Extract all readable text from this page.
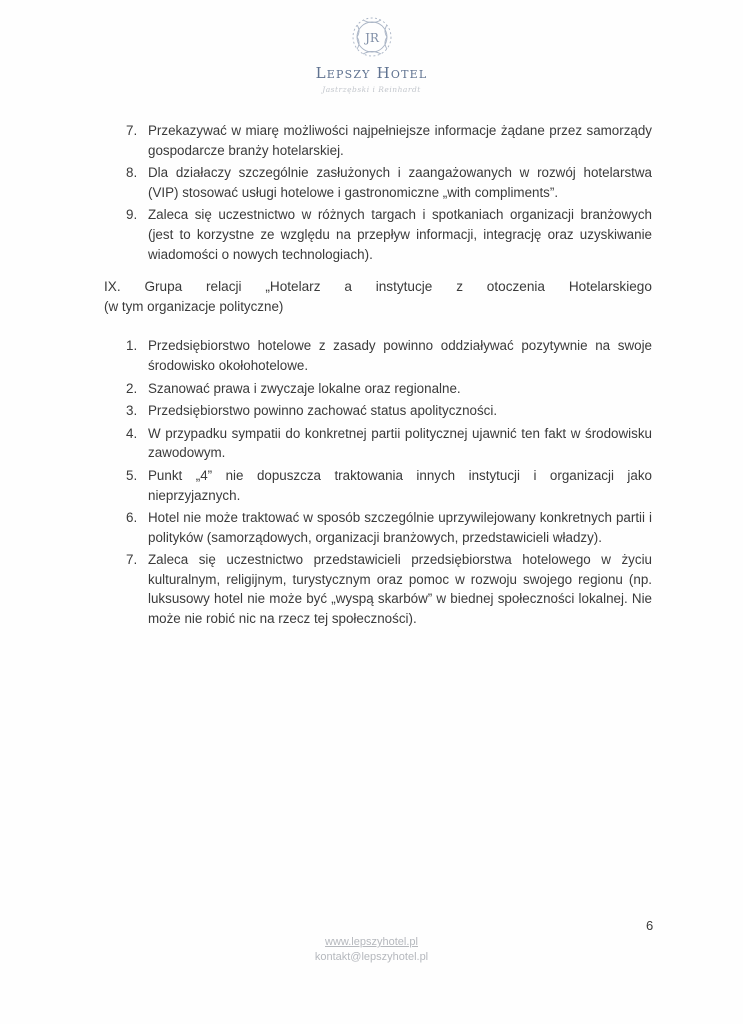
JR
Lepszy Hotel
Jastrzębski i Reinhardt
7. Przekazywać w miarę możliwości najpełniejsze informacje żądane przez samorządy gospodarcze branży hotelarskiej.
8. Dla działaczy szczególnie zasłużonych i zaangażowanych w rozwój hotelarstwa (VIP) stosować usługi hotelowe i gastronomiczne „with compliments”.
9. Zaleca się uczestnictwo w różnych targach i spotkaniach organizacji branżowych (jest to korzystne ze względu na przepływ informacji, integrację oraz uzyskiwanie wiadomości o nowych technologiach).
IX. Grupa relacji „Hotelarz a instytucje z otoczenia Hotelarskiego
(w tym organizacje polityczne)
1. Przedsiębiorstwo hotelowe z zasady powinno oddziaływać pozytywnie na swoje środowisko okołohotelowe.
2. Szanować prawa i zwyczaje lokalne oraz regionalne.
3. Przedsiębiorstwo powinno zachować status apolityczności.
4. W przypadku sympatii do konkretnej partii politycznej ujawnić ten fakt w środowisku zawodowym.
5. Punkt „4” nie dopuszcza traktowania innych instytucji i organizacji jako nieprzyjaznych.
6. Hotel nie może traktować w sposób szczególnie uprzywilejowany konkretnych partii i polityków (samorządowych, organizacji branżowych, przedstawicieli władzy).
7. Zaleca się uczestnictwo przedstawicieli przedsiębiorstwa hotelowego w życiu kulturalnym, religijnym, turystycznym oraz pomoc w rozwoju swojego regionu (np. luksusowy hotel nie może być „wyspą skarbów” w biednej społeczności lokalnej. Nie może nie robić nic na rzecz tej społeczności).
6
www.lepszyhotel.pl
kontakt@lepszyhotel.pl
